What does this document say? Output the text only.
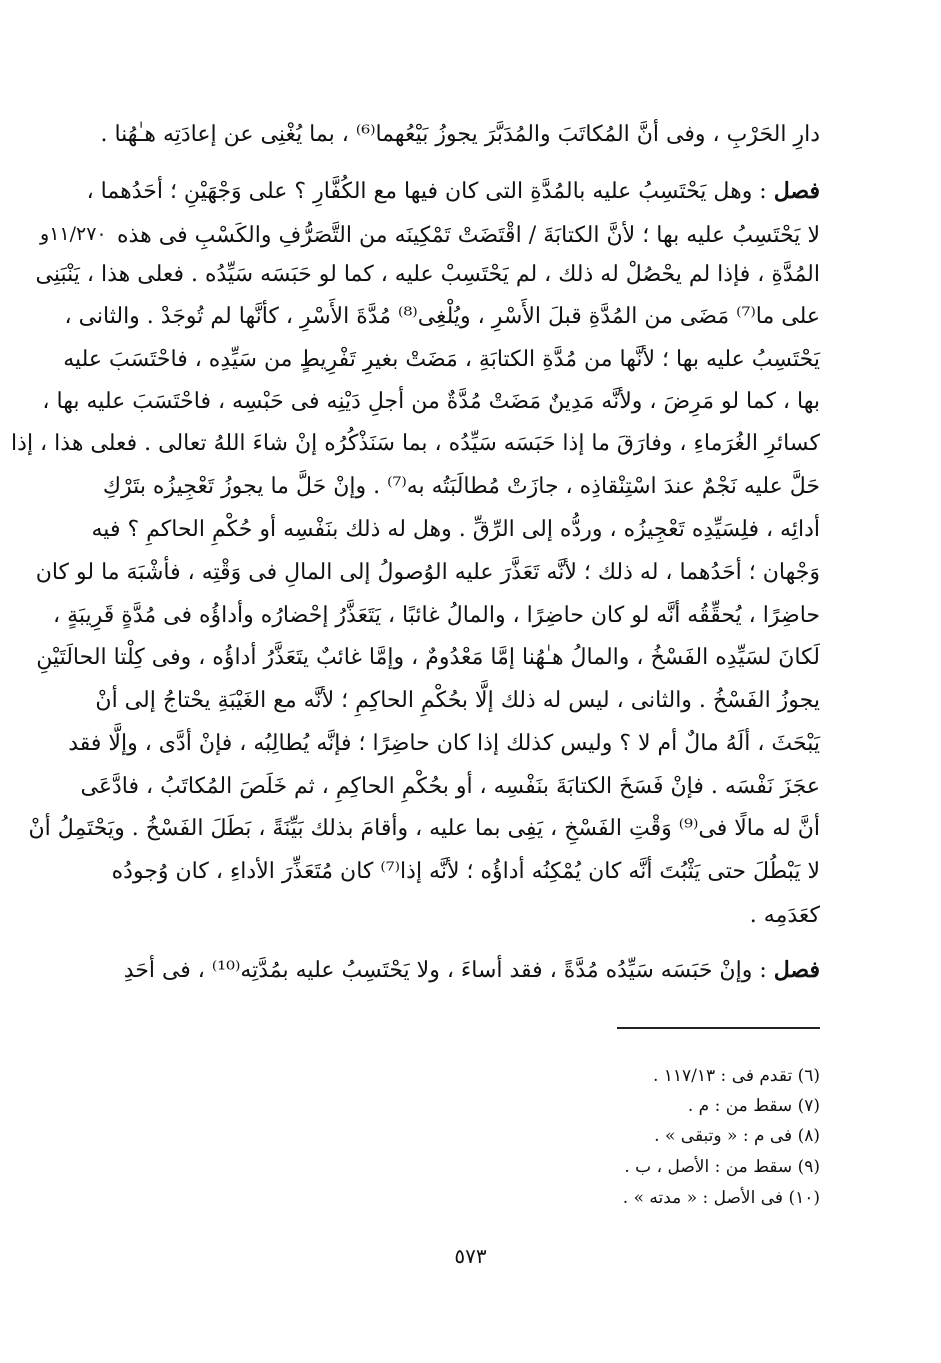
دارِ الحَرْبِ ، وفى أنَّ المُكاتَبَ والمُدَبَّرَ يجوزُ بَيْعُهما⁽⁶⁾ ، بما يُغْنِى عن إعادَتِه هـٰهُنا .
فصل : وهل يَحْتَسِبُ عليه بالمُدَّةِ التى كان فيها مع الكُفَّارِ ؟ على وَجْهَيْنِ ؛ أحَدُهما ،
لا يَحْتَسِبُ عليه بها ؛ لأنَّ الكتابَةَ / اقْتَضَتْ تَمْكِينَه من التَّصَرُّفِ والكَسْبِ فى هذه
۱۱/۲۷۰و
المُدَّةِ ، فإذا لم يحْصُلْ له ذلك ، لم يَحْتَسِبْ عليه ، كما لو حَبَسَه سَيِّدُه . فعلى هذا ، يَنْبَنِى
على ما⁽⁷⁾ مَضَى من المُدَّةِ قبلَ الأَسْرِ ، ويُلْغِى⁽⁸⁾ مُدَّةَ الأَسْرِ ، كأنَّها لم تُوجَدْ . والثانى ،
يَحْتَسِبُ عليه بها ؛ لأنَّها من مُدَّةِ الكتابَةِ ، مَضَتْ بغيرِ تَفْرِيطٍ من سَيِّدِه ، فاحْتَسَبَ عليه
بها ، كما لو مَرِضَ ، ولأنَّه مَدِينٌ مَضَتْ مُدَّةٌ من أجلِ دَيْنِه فى حَبْسِه ، فاحْتَسَبَ عليه بها ،
كسائرِ الغُرَماءِ ، وفارَقَ ما إذا حَبَسَه سَيِّدُه ، بما سَنَذْكُرُه إنْ شاءَ اللهُ تعالى . فعلى هذا ، إذا
حَلَّ عليه نَجْمٌ عندَ اسْتِنْقاذِه ، جازَتْ مُطالَبَتُه به⁽⁷⁾ . وإنْ حَلَّ ما يجوزُ تَعْجِيزُه بتَرْكِ
أدائِه ، فلِسَيِّدِه تَعْجِيزُه ، وردُّه إلى الرِّقِّ . وهل له ذلك بنَفْسِه أو حُكْمِ الحاكمِ ؟ فيه
وَجْهان ؛ أحَدُهما ، له ذلك ؛ لأنَّه تَعَذَّرَ عليه الوُصولُ إلى المالِ فى وَقْتِه ، فأشْبَهَ ما لو كان
حاضِرًا ، يُحقِّقُه أنَّه لو كان حاضِرًا ، والمالُ غائبًا ، يَتَعَذَّرُ إحْضارُه وأداؤُه فى مُدَّةٍ قَرِيبَةٍ ،
لَكانَ لسَيِّدِه الفَسْخُ ، والمالُ هـٰهُنا إمَّا مَعْدُومٌ ، وإمَّا غائبٌ يتَعَذَّرُ أداؤُه ، وفى كِلْتا الحالَتَيْنِ
يجوزُ الفَسْخُ . والثانى ، ليس له ذلك إلَّا بحُكْمِ الحاكِمِ ؛ لأنَّه مع الغَيْبَةِ يحْتاجُ إلى أنْ
يَبْحَثَ ، ألَهُ مالٌ أم لا ؟ وليس كذلك إذا كان حاضِرًا ؛ فإنَّه يُطالِبُه ، فإنْ أدَّى ، وإلَّا فقد
عجَزَ نَفْسَه . فإنْ فَسَخَ الكتابَةَ بنَفْسِه ، أو بحُكْمِ الحاكِمِ ، ثم خَلَصَ المُكاتَبُ ، فادَّعَى
أنَّ له مالًا فى⁽⁹⁾ وَقْتِ الفَسْخِ ، يَفِى بما عليه ، وأقامَ بذلك بَيِّنَةً ، بَطَلَ الفَسْخُ . ويَحْتَمِلُ أنْ
لا يَبْطُلَ حتى يَثْبُتَ أنَّه كان يُمْكِنُه أداؤُه ؛ لأنَّه إذا⁽⁷⁾ كان مُتَعَذِّرَ الأداءِ ، كان وُجودُه
كعَدَمِه .
فصل : وإنْ حَبَسَه سَيِّدُه مُدَّةً ، فقد أساءَ ، ولا يَحْتَسِبُ عليه بمُدَّتِه⁽¹⁰⁾ ، فى أحَدِ
(٦) تقدم فى : ١١٧/١٣ .
(٧) سقط من : م .
(٨) فى م : « وتبقى » .
(٩) سقط من : الأصل ، ب .
(١٠) فى الأصل : « مدته » .
٥٧٣
